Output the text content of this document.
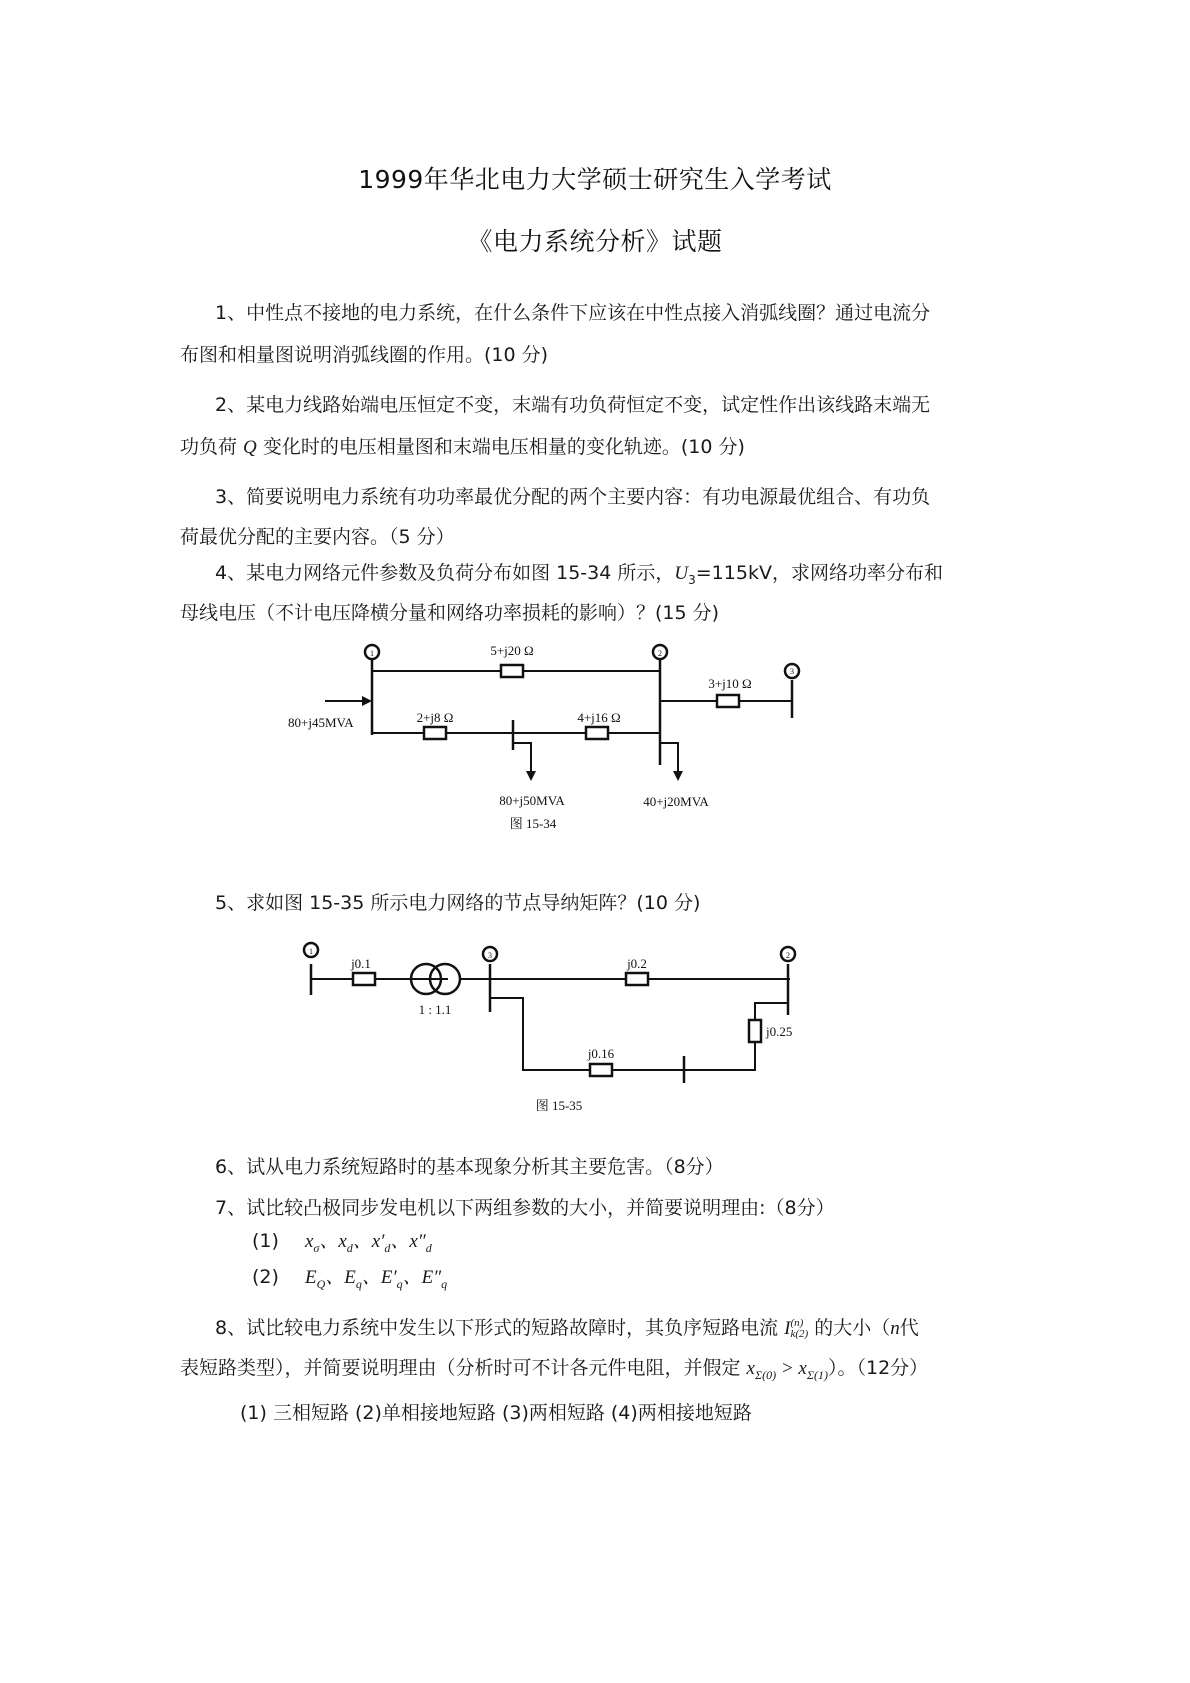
1999年华北电力大学硕士研究生入学考试
《电力系统分析》试题
1、中性点不接地的电力系统，在什么条件下应该在中性点接入消弧线圈？通过电流分
布图和相量图说明消弧线圈的作用。(10 分)
2、某电力线路始端电压恒定不变，末端有功负荷恒定不变，试定性作出该线路末端无
功负荷 Q 变化时的电压相量图和末端电压相量的变化轨迹。(10 分)
3、简要说明电力系统有功功率最优分配的两个主要内容：有功电源最优组合、有功负
荷最优分配的主要内容。（5 分）
4、某电力网络元件参数及负荷分布如图 15-34 所示，$U_3=115kV$，求网络功率分布和
母线电压（不计电压降横分量和网络功率损耗的影响）？(15 分)
1	2
3
5+j20 Ω
2+j8 Ω	4+j16 Ω
3+j10 Ω
80+j45MVA
80+j50MVA	40+j20MVA
图 15-34
5、求如图 15-35 所示电力网络的节点导纳矩阵？(10 分)
1	2
3
j0.1	j0.2
j0.16
j0.25
1 : 1.1
图 15-35
6、试从电力系统短路时的基本现象分析其主要危害。（8分）
7、试比较凸极同步发电机以下两组参数的大小，并简要说明理由:（8分）
(1) $x_\sigma$、$x_d$、$x'_d$、$x''_d$
(2) $E_Q$、$E_q$、$E'_q$、$E''_q$
8、试比较电力系统中发生以下形式的短路故障时，其负序短路电流 I (n)
k(2) 的大小（n代
表短路类型），并简要说明理由（分析时可不计各元件电阻，并假定 $x_{\Sigma(0)} > x_{\Sigma(1)}$）。（12分）
(1) 三相短路 (2)单相接地短路 (3)两相短路 (4)两相接地短路
